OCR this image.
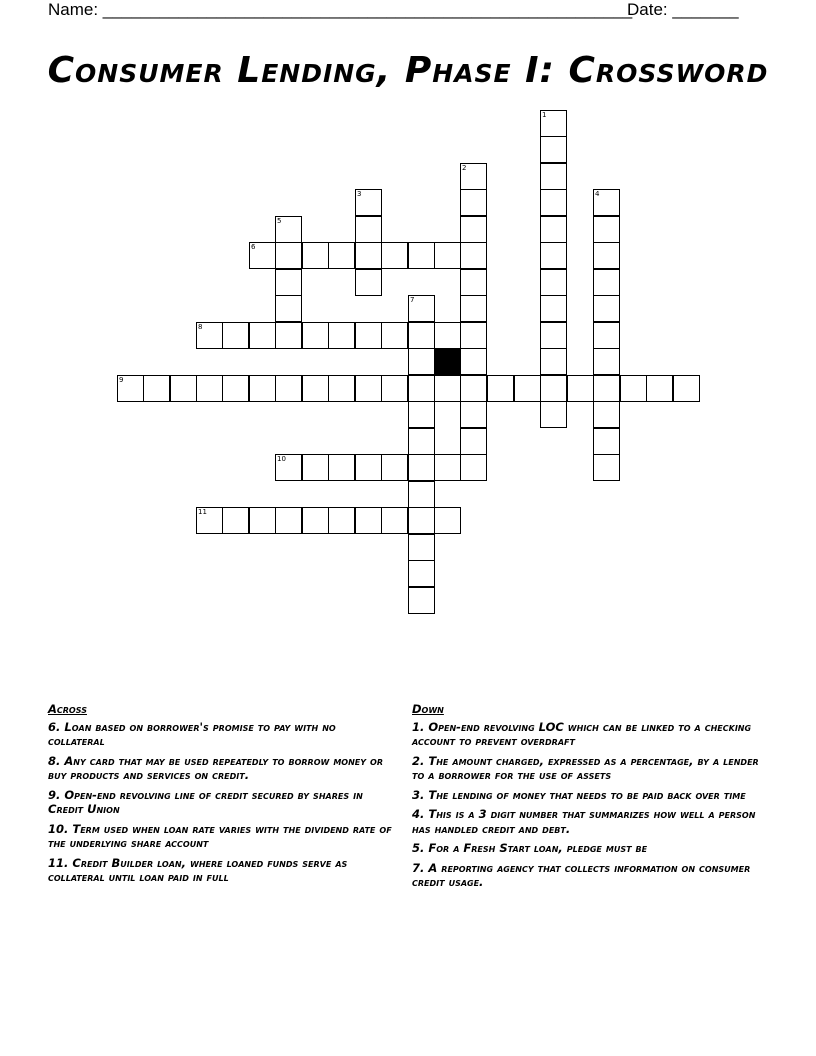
Name: ________________________________________________________
Date: _______
Consumer Lending, Phase I: Crossword
1
2
3	4
5
6
7
8
9
10
11
Across
6. Loan based on borrower's promise to pay with no collateral
8. Any card that may be used repeatedly to borrow money or buy products and services on credit.
9. Open-end revolving line of credit secured by shares in Credit Union
10. Term used when loan rate varies with the dividend rate of the underlying share account
11. Credit Builder loan, where loaned funds serve as collateral until loan paid in full
Down
1. Open-end revolving LOC which can be linked to a checking account to prevent overdraft
2. The amount charged, expressed as a percentage, by a lender to a borrower for the use of assets
3. The lending of money that needs to be paid back over time
4. This is a 3 digit number that summarizes how well a person has handled credit and debt.
5. For a Fresh Start loan, pledge must be
7. A reporting agency that collects information on consumer credit usage.
